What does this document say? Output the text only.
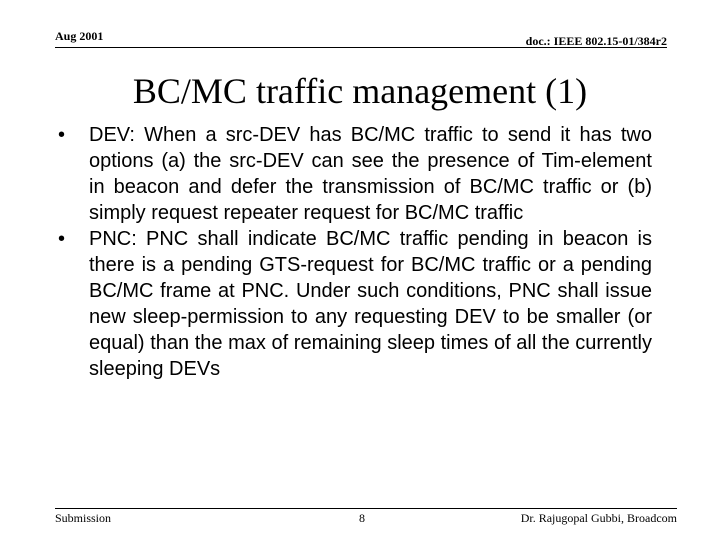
Aug 2001	doc.: IEEE 802.15-01/384r2
BC/MC traffic management (1)
•	DEV: When a src-DEV has BC/MC traffic to send it has two options (a) the src-DEV can see the presence of Tim-element in beacon and defer the transmission of BC/MC traffic or (b) simply request repeater request for BC/MC traffic
•	PNC: PNC shall indicate BC/MC traffic pending in beacon is there is a pending GTS-request for BC/MC traffic or a pending BC/MC frame at PNC. Under such conditions, PNC shall issue new sleep-permission to any requesting DEV to be smaller (or equal) than the max of remaining sleep times of all the currently sleeping DEVs
Submission	8	Dr. Rajugopal Gubbi, Broadcom
